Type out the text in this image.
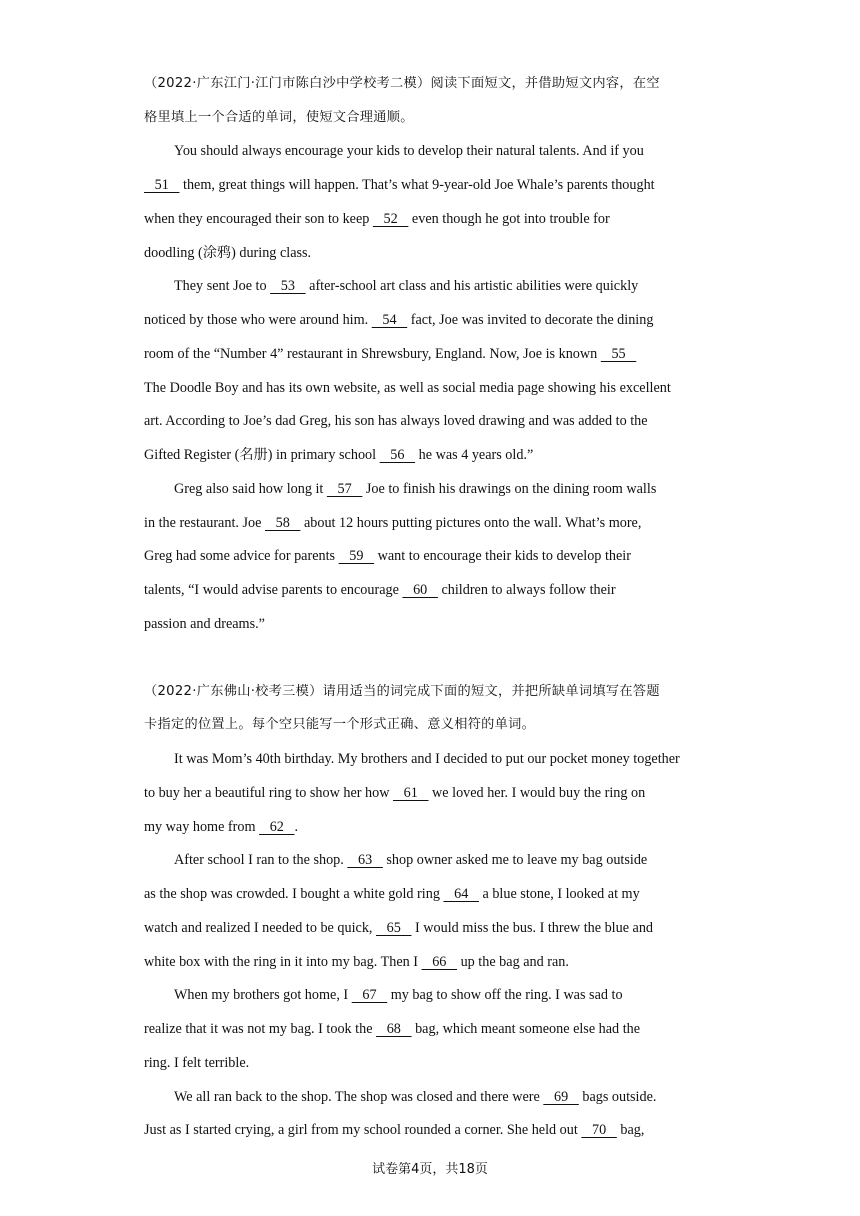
（2022·广东江门·江门市陈白沙中学校考二模）阅读下面短文，并借助短文内容，在空

格里填上一个合适的单词，使短文合理通顺。

You should always encourage your kids to develop their natural talents. And if you

51    them, great things will happen. That’s what 9-year-old Joe Whale’s parents thought

when they encouraged their son to keep    52    even though he got into trouble for

doodling (涂鸦) during class.

They sent Joe to    53    after-school art class and his artistic abilities were quickly

noticed by those who were around him.    54    fact, Joe was invited to decorate the dining

room of the “Number 4” restaurant in Shrewsbury, England. Now, Joe is known    55

The Doodle Boy and has its own website, as well as social media page showing his excellent

art. According to Joe’s dad Greg, his son has always loved drawing and was added to the

Gifted Register (名册) in primary school    56    he was 4 years old.”

Greg also said how long it    57    Joe to finish his drawings on the dining room walls

in the restaurant. Joe    58    about 12 hours putting pictures onto the wall. What’s more,

Greg had some advice for parents    59    want to encourage their kids to develop their

talents, “I would advise parents to encourage    60    children to always follow their

passion and dreams.”

（2022·广东佛山·校考三模）请用适当的词完成下面的短文，并把所缺单词填写在答题

卡指定的位置上。每个空只能写一个形式正确、意义相符的单词。

It was Mom’s 40th birthday. My brothers and I decided to put our pocket money together

to buy her a beautiful ring to show her how    61    we loved her. I would buy the ring on

my way home from    62   .

After school I ran to the shop.    63    shop owner asked me to leave my bag outside

as the shop was crowded. I bought a white gold ring    64    a blue stone, I looked at my

watch and realized I needed to be quick,    65    I would miss the bus. I threw the blue and

white box with the ring in it into my bag. Then I    66    up the bag and ran.

When my brothers got home, I    67    my bag to show off the ring. I was sad to

realize that it was not my bag. I took the    68    bag, which meant someone else had the

ring. I felt terrible.

We all ran back to the shop. The shop was closed and there were    69    bags outside.

Just as I started crying, a girl from my school rounded a corner. She held out    70    bag,

试卷第4页，共18页
